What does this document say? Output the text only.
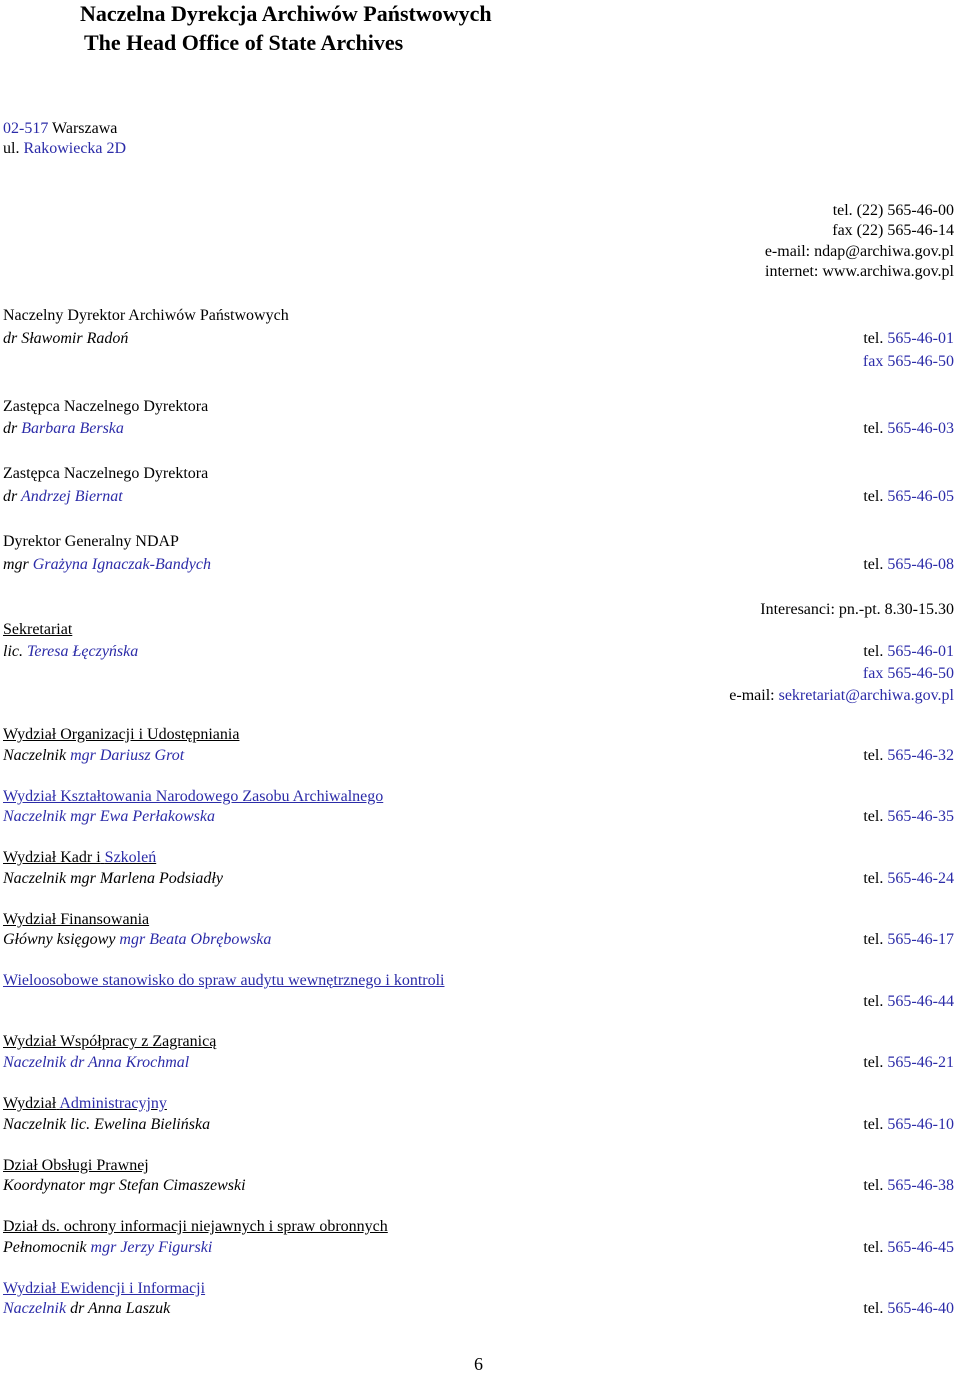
Naczelna Dyrekcja Archiwów Państwowych
The Head Office of State Archives
02-517 Warszawa
ul. Rakowiecka 2D
tel. (22) 565-46-00
fax (22) 565-46-14
e-mail: ndap@archiwa.gov.pl
internet: www.archiwa.gov.pl
Naczelny Dyrektor Archiwów Państwowych
dr Sławomir Radoń	tel. 565-46-01
fax 565-46-50
Zastępca Naczelnego Dyrektora
dr Barbara Berska	tel. 565-46-03
Zastępca Naczelnego Dyrektora
dr Andrzej Biernat	tel. 565-46-05
Dyrektor Generalny NDAP
mgr Grażyna Ignaczak-Bandych	tel. 565-46-08
Interesanci: pn.-pt. 8.30-15.30
Sekretariat
lic. Teresa Łęczyńska	tel. 565-46-01
fax 565-46-50
e-mail: sekretariat@archiwa.gov.pl
Wydział Organizacji i Udostępniania
Naczelnik mgr Dariusz Grot	tel. 565-46-32
Wydział Kształtowania Narodowego Zasobu Archiwalnego
Naczelnik mgr Ewa Perłakowska	tel. 565-46-35
Wydział Kadr i Szkoleń
Naczelnik mgr Marlena Podsiadły	tel. 565-46-24
Wydział Finansowania
Główny księgowy mgr Beata Obrębowska	tel. 565-46-17
Wieloosobowe stanowisko do spraw audytu wewnętrznego i kontroli
tel. 565-46-44
Wydział Współpracy z Zagranicą
Naczelnik dr Anna Krochmal	tel. 565-46-21
Wydział Administracyjny
Naczelnik lic. Ewelina Bielińska	tel. 565-46-10
Dział Obsługi Prawnej
Koordynator mgr Stefan Cimaszewski	tel. 565-46-38
Dział ds. ochrony informacji niejawnych i spraw obronnych
Pełnomocnik mgr Jerzy Figurski	tel. 565-46-45
Wydział Ewidencji i Informacji
Naczelnik dr Anna Laszuk	tel. 565-46-40
6
